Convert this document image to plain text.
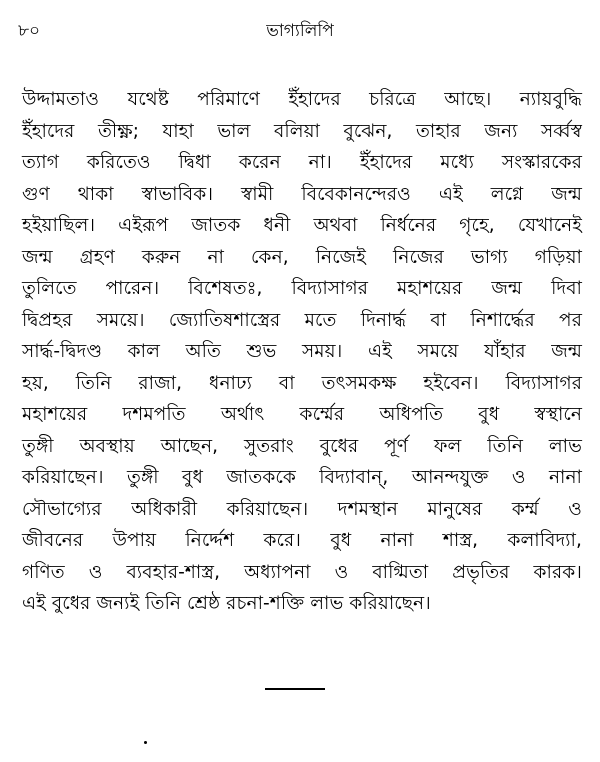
৮০	ভাগ্যলিপি
উদ্দামতাও যথেষ্ট পরিমাণে ইঁহাদের চরিত্রে আছে। ন্যায়বুদ্ধি
ইঁহাদের তীক্ষ্ণ; যাহা ভাল বলিয়া বুঝেন, তাহার জন্য সর্ব্বস্ব
ত্যাগ করিতেও দ্বিধা করেন না। ইঁহাদের মধ্যে সংস্কারকের
গুণ থাকা স্বাভাবিক। স্বামী বিবেকানন্দেরও এই লগ্নে জন্ম
হইয়াছিল। এইরূপ জাতক ধনী অথবা নির্ধনের গৃহে, যেখানেই
জন্ম গ্রহণ করুন না কেন, নিজেই নিজের ভাগ্য গড়িয়া
তুলিতে পারেন। বিশেষতঃ, বিদ্যাসাগর মহাশয়ের জন্ম দিবা
দ্বিপ্রহর সময়ে। জ্যোতিষশাস্ত্রের মতে দিনার্দ্ধ বা নিশার্দ্ধের পর
সার্দ্ধ-দ্বিদণ্ড কাল অতি শুভ সময়। এই সময়ে যাঁহার জন্ম
হয়, তিনি রাজা, ধনাঢ্য বা তৎসমকক্ষ হইবেন। বিদ্যাসাগর
মহাশয়ের দশমপতি অর্থাৎ কর্ম্মের অধিপতি বুধ স্বস্থানে
তুঙ্গী অবস্থায় আছেন, সুতরাং বুধের পূর্ণ ফল তিনি লাভ
করিয়াছেন। তুঙ্গী বুধ জাতককে বিদ্যাবান্, আনন্দযুক্ত ও নানা
সৌভাগ্যের অধিকারী করিয়াছেন। দশমস্থান মানুষের কর্ম্ম ও
জীবনের উপায় নির্দ্দেশ করে। বুধ নানা শাস্ত্র, কলাবিদ্যা,
গণিত ও ব্যবহার-শাস্ত্র, অধ্যাপনা ও বাগ্মিতা প্রভৃতির কারক।
এই বুধের জন্যই তিনি শ্রেষ্ঠ রচনা-শক্তি লাভ করিয়াছেন।
